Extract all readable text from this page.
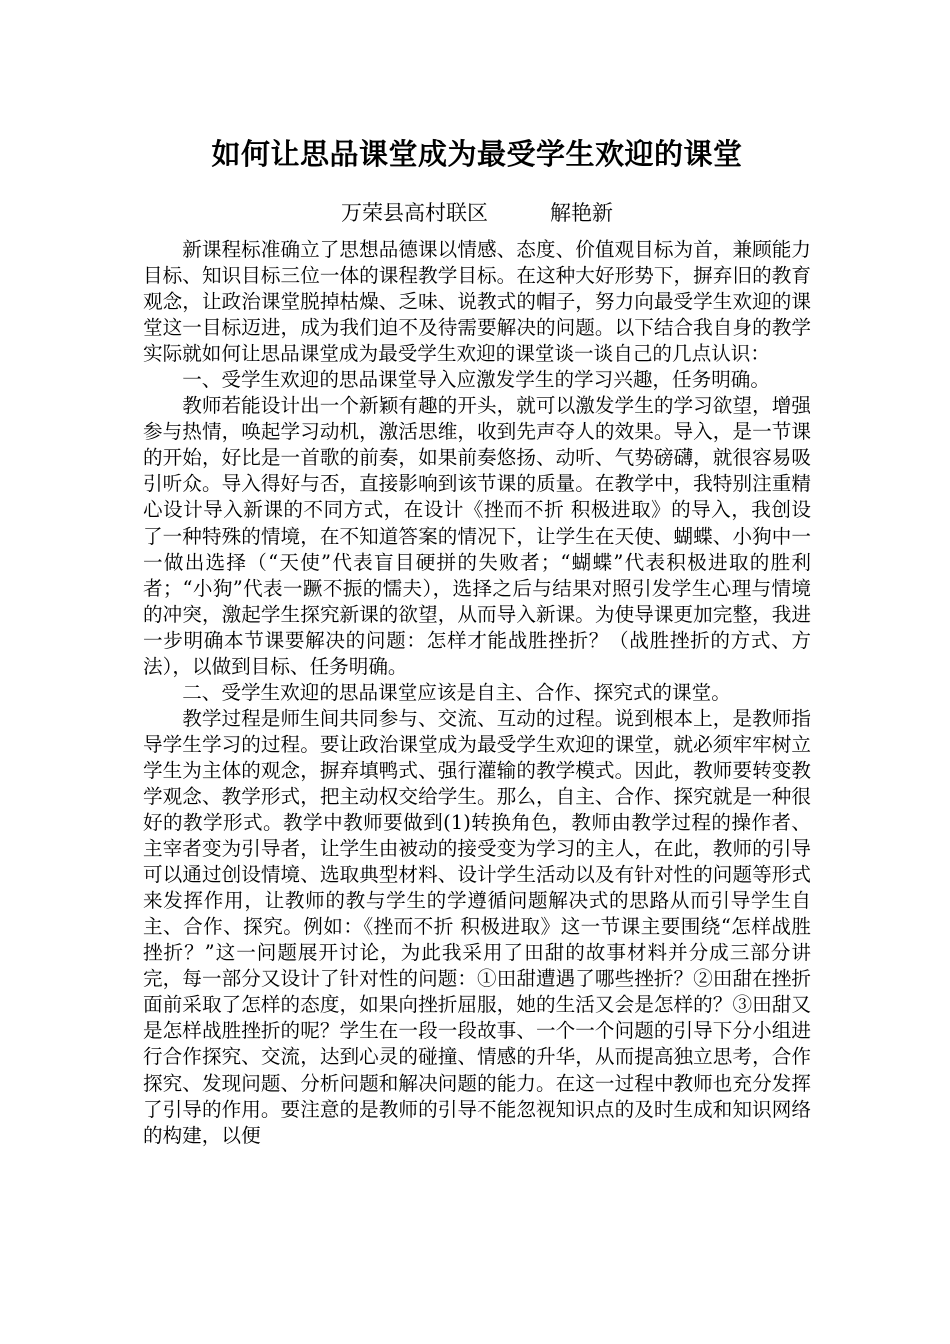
如何让思品课堂成为最受学生欢迎的课堂
万荣县高村联区	解艳新

新课程标准确立了思想品德课以情感、态度、价值观目标为首，兼顾能力目标、知识目标三位一体的课程教学目标。在这种大好形势下，摒弃旧的教育观念，让政治课堂脱掉枯燥、乏味、说教式的帽子，努力向最受学生欢迎的课堂这一目标迈进，成为我们迫不及待需要解决的问题。以下结合我自身的教学实际就如何让思品课堂成为最受学生欢迎的课堂谈一谈自己的几点认识：

一、受学生欢迎的思品课堂导入应激发学生的学习兴趣，任务明确。

教师若能设计出一个新颖有趣的开头，就可以激发学生的学习欲望，增强参与热情，唤起学习动机，激活思维，收到先声夺人的效果。导入，是一节课的开始，好比是一首歌的前奏，如果前奏悠扬、动听、气势磅礴，就很容易吸引听众。导入得好与否，直接影响到该节课的质量。在教学中，我特别注重精心设计导入新课的不同方式，在设计《挫而不折 积极进取》的导入，我创设了一种特殊的情境，在不知道答案的情况下，让学生在天使、蝴蝶、小狗中一一做出选择（“天使”代表盲目硬拼的失败者；“蝴蝶”代表积极进取的胜利者；“小狗”代表一蹶不振的懦夫），选择之后与结果对照引发学生心理与情境的冲突，激起学生探究新课的欲望，从而导入新课。为使导课更加完整，我进一步明确本节课要解决的问题：怎样才能战胜挫折？（战胜挫折的方式、方法），以做到目标、任务明确。

二、受学生欢迎的思品课堂应该是自主、合作、探究式的课堂。

教学过程是师生间共同参与、交流、互动的过程。说到根本上，是教师指导学生学习的过程。要让政治课堂成为最受学生欢迎的课堂，就必须牢牢树立学生为主体的观念，摒弃填鸭式、强行灌输的教学模式。因此，教师要转变教学观念、教学形式，把主动权交给学生。那么，自主、合作、探究就是一种很好的教学形式。教学中教师要做到(1)转换角色，教师由教学过程的操作者、主宰者变为引导者，让学生由被动的接受变为学习的主人，在此，教师的引导可以通过创设情境、选取典型材料、设计学生活动以及有针对性的问题等形式来发挥作用，让教师的教与学生的学遵循问题解决式的思路从而引导学生自主、合作、探究。例如：《挫而不折 积极进取》这一节课主要围绕“怎样战胜挫折？”这一问题展开讨论，为此我采用了田甜的故事材料并分成三部分讲完，每一部分又设计了针对性的问题：①田甜遭遇了哪些挫折？②田甜在挫折面前采取了怎样的态度，如果向挫折屈服，她的生活又会是怎样的？③田甜又是怎样战胜挫折的呢？学生在一段一段故事、一个一个问题的引导下分小组进行合作探究、交流，达到心灵的碰撞、情感的升华，从而提高独立思考，合作探究、发现问题、分析问题和解决问题的能力。在这一过程中教师也充分发挥了引导的作用。要注意的是教师的引导不能忽视知识点的及时生成和知识网络的构建，以便
